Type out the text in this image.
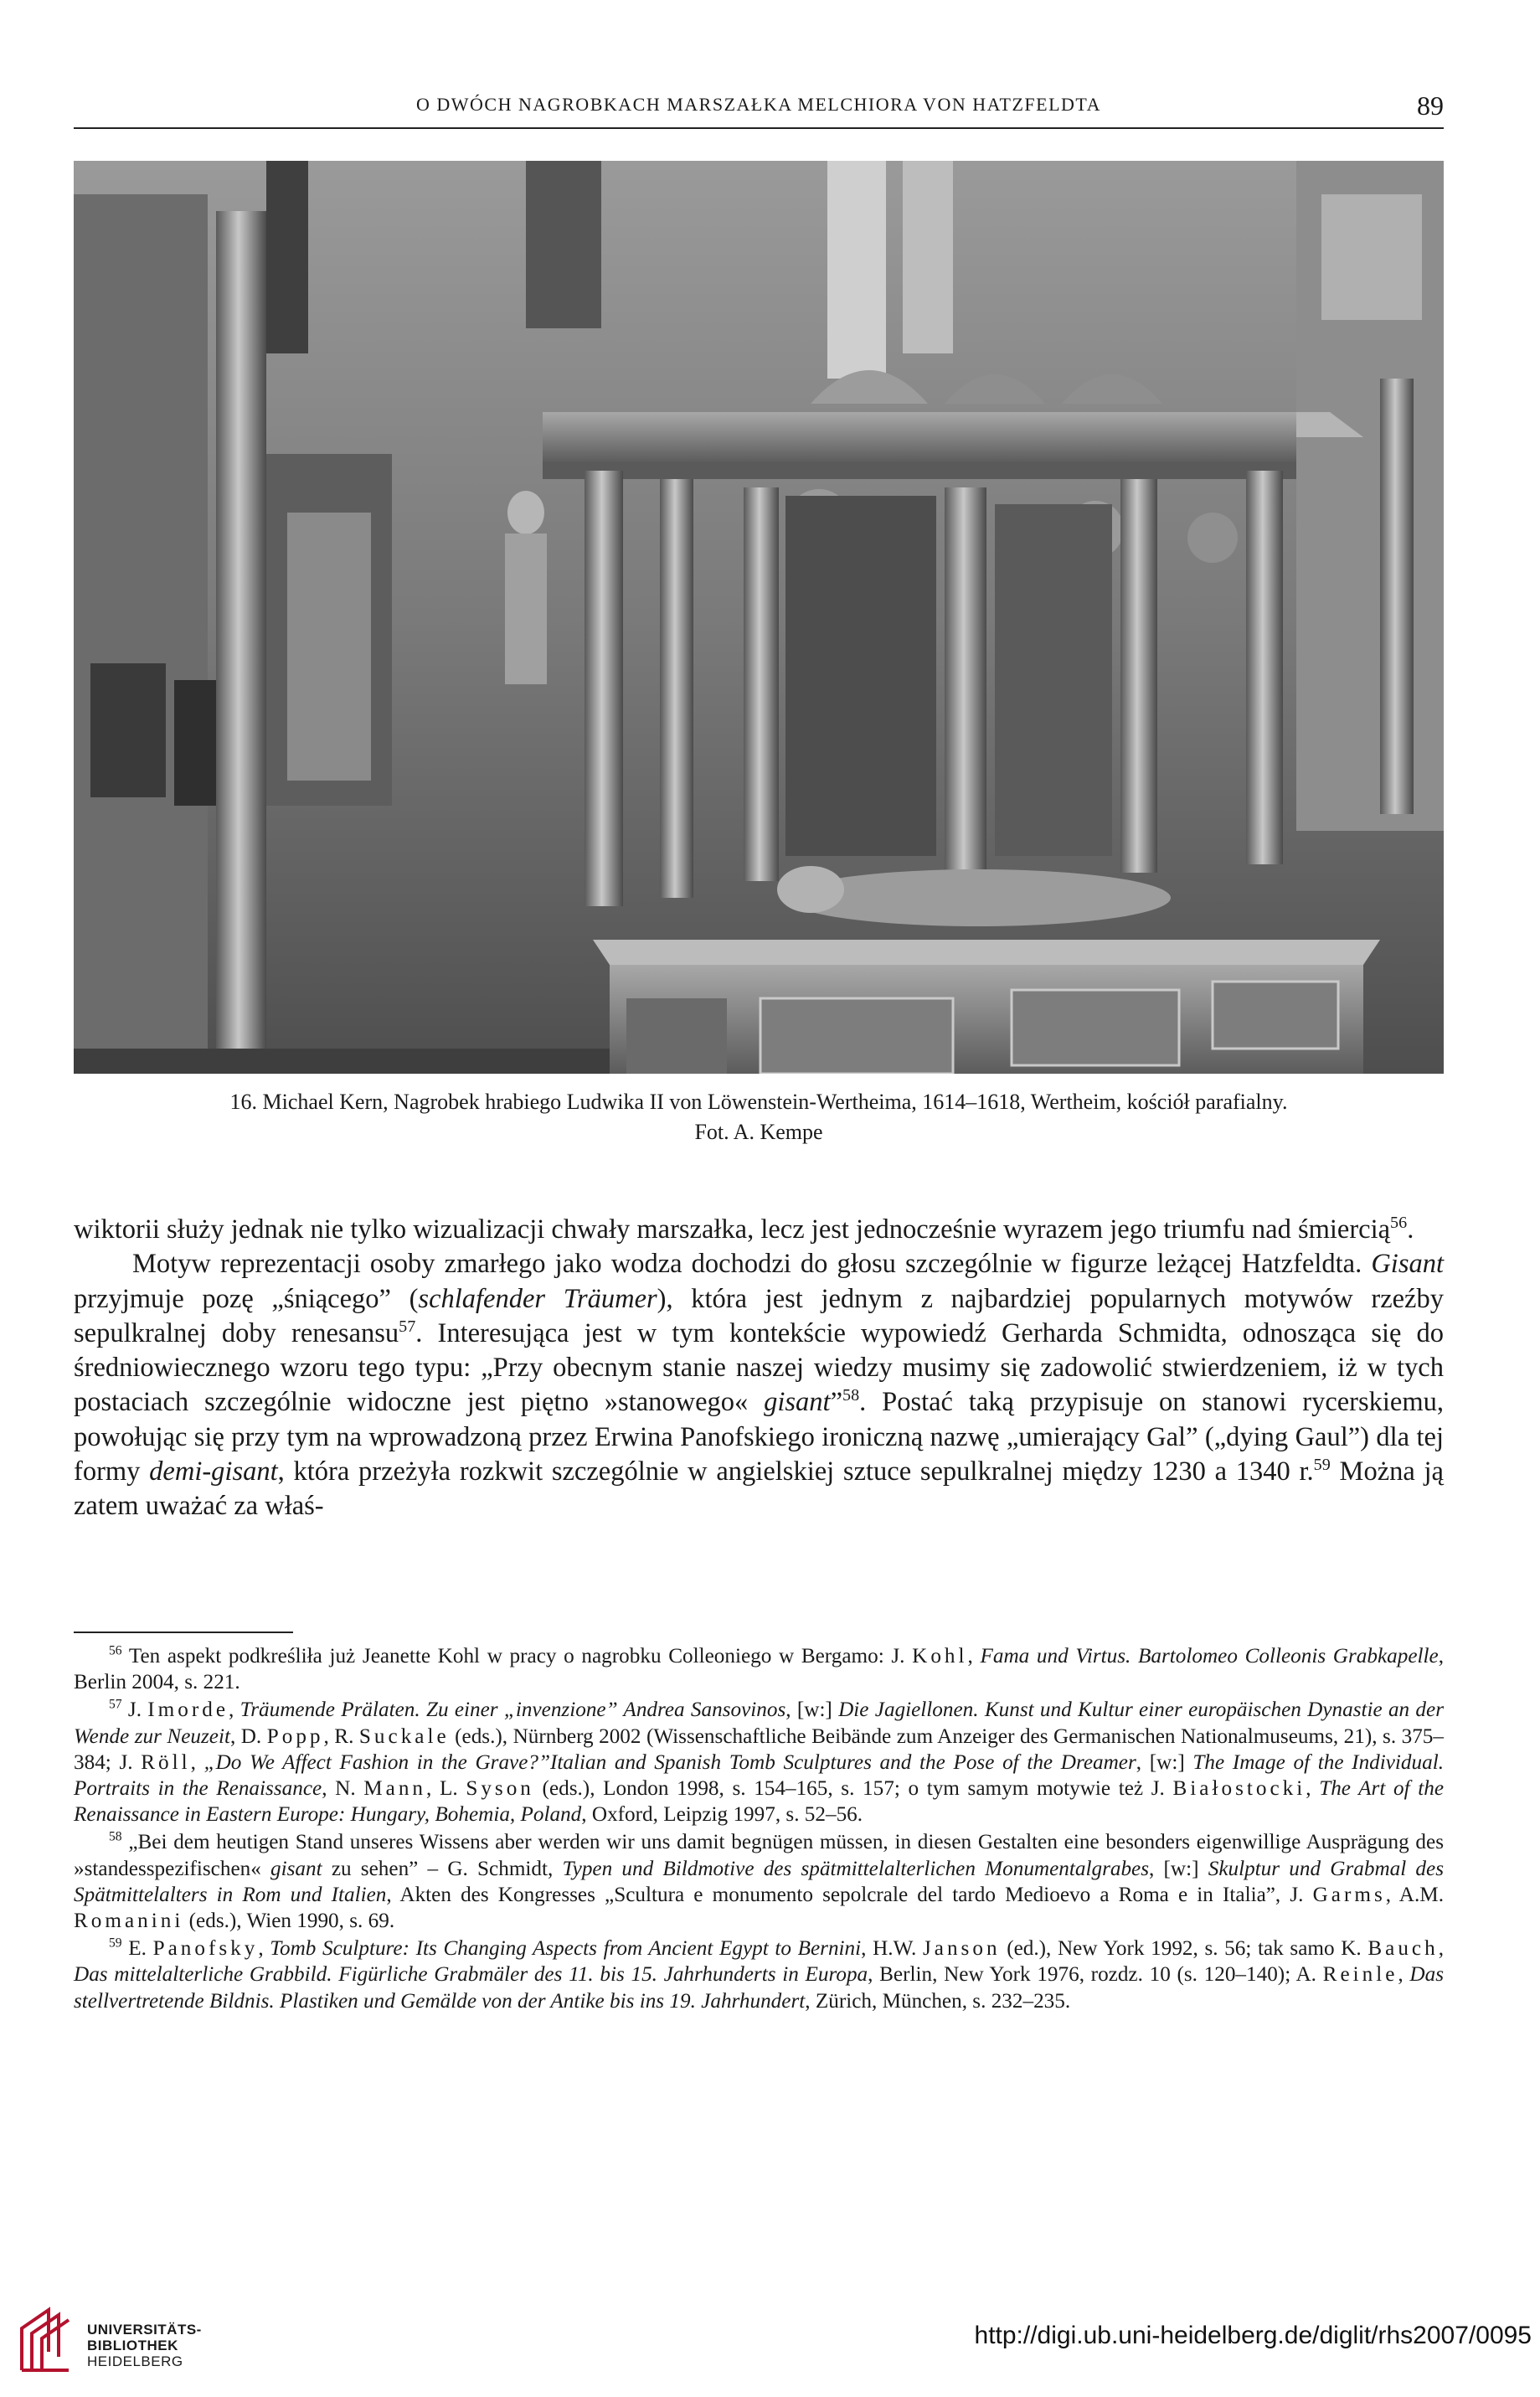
O DWÓCH NAGROBKACH MARSZAŁKA MELCHIORA VON HATZFELDTA	89
16. Michael Kern, Nagrobek hrabiego Ludwika II von Löwenstein-Wertheima, 1614–1618, Wertheim, kościół parafialny.
Fot. A. Kempe

wiktorii służy jednak nie tylko wizualizacji chwały marszałka, lecz jest jednocześnie wyrazem jego triumfu nad śmiercią$^{56}$.

Motyw reprezentacji osoby zmarłego jako wodza dochodzi do głosu szczególnie w figurze leżącej Hatzfeldta. Gisant przyjmuje pozę „śniącego” (schlafender Träumer), która jest jednym z najbardziej popularnych motywów rzeźby sepulkralnej doby renesansu$^{57}$. Interesująca jest w tym kontekście wypowiedź Gerharda Schmidta, odnosząca się do średniowiecznego wzoru tego typu: „Przy obecnym stanie naszej wiedzy musimy się zadowolić stwierdzeniem, iż w tych postaciach szczególnie widoczne jest piętno »stanowego« gisant”$^{58}$. Postać taką przypisuje on stanowi rycerskiemu, powołując się przy tym na wprowadzoną przez Erwina Panofskiego ironiczną nazwę „umierający Gal” („dying Gaul”) dla tej formy demi-gisant, która przeżyła rozkwit szczególnie w angielskiej sztuce sepulkralnej między 1230 a 1340 r.$^{59}$ Można ją zatem uważać za właś-

$^{56}$ Ten aspekt podkreśliła już Jeanette Kohl w pracy o nagrobku Colleoniego w Bergamo: J. Kohl, Fama und Virtus. Bartolomeo Colleonis Grabkapelle, Berlin 2004, s. 221.

$^{57}$ J. Imorde, Träumende Prälaten. Zu einer „invenzione” Andrea Sansovinos, [w:] Die Jagiellonen. Kunst und Kultur einer europäischen Dynastie an der Wende zur Neuzeit, D. Popp, R. Suckale (eds.), Nürnberg 2002 (Wissenschaftliche Beibände zum Anzeiger des Germanischen Nationalmuseums, 21), s. 375–384; J. Röll, „Do We Affect Fashion in the Grave?”Italian and Spanish Tomb Sculptures and the Pose of the Dreamer, [w:] The Image of the Individual. Portraits in the Renaissance, N. Mann, L. Syson (eds.), London 1998, s. 154–165, s. 157; o tym samym motywie też J. Białostocki, The Art of the Renaissance in Eastern Europe: Hungary, Bohemia, Poland, Oxford, Leipzig 1997, s. 52–56.

$^{58}$ „Bei dem heutigen Stand unseres Wissens aber werden wir uns damit begnügen müssen, in diesen Gestalten eine besonders eigenwillige Ausprägung des »standesspezifischen« gisant zu sehen” – G. Schmidt, Typen und Bildmotive des spätmittelalterlichen Monumentalgrabes, [w:] Skulptur und Grabmal des Spätmittelalters in Rom und Italien, Akten des Kongresses „Scultura e monumento sepolcrale del tardo Medioevo a Roma e in Italia”, J. Garms, A.M. Romanini (eds.), Wien 1990, s. 69.

$^{59}$ E. Panofsky, Tomb Sculpture: Its Changing Aspects from Ancient Egypt to Bernini, H.W. Janson (ed.), New York 1992, s. 56; tak samo K. Bauch, Das mittelalterliche Grabbild. Figürliche Grabmäler des 11. bis 15. Jahrhunderts in Europa, Berlin, New York 1976, rozdz. 10 (s. 120–140); A. Reinle, Das stellvertretende Bildnis. Plastiken und Gemälde von der Antike bis ins 19. Jahrhundert, Zürich, München, s. 232–235.

UNIVERSITÄTS-
BIBLIOTHEK
HEIDELBERG
http://digi.ub.uni-heidelberg.de/diglit/rhs2007/0095
